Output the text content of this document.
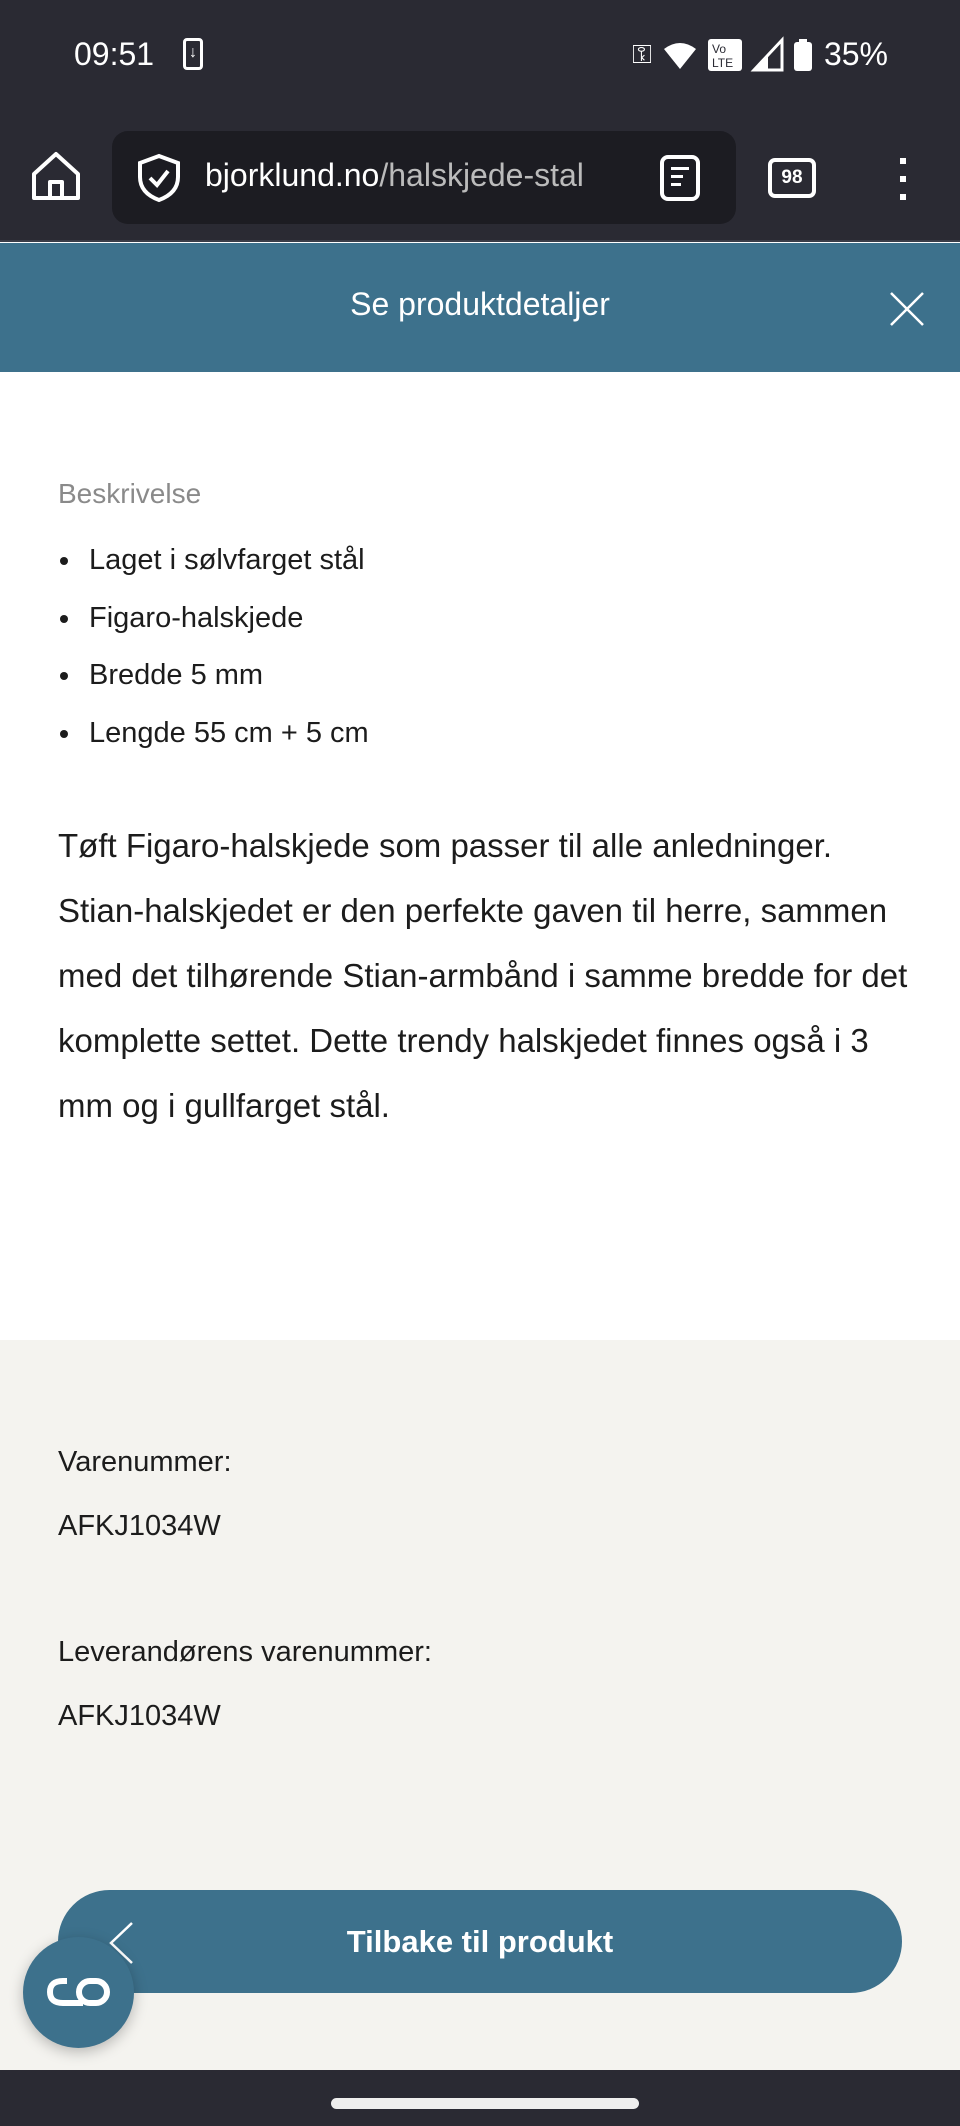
09:51	↓	⚿	Vo
LTE	35%
bjorklund.no/halskjede-stal	98
Se produktdetaljer
Beskrivelse
Laget i sølvfarget stål
Figaro-halskjede
Bredde 5 mm
Lengde 55 cm + 5 cm

Tøft Figaro-halskjede som passer til alle anledninger. Stian-halskjedet er den perfekte gaven til herre, sammen med det tilhørende Stian-armbånd i samme bredde for det komplette settet. Dette trendy halskjedet finnes også i 3 mm og i gullfarget stål.

Varenummer:
AFKJ1034W
Leverandørens varenummer:
AFKJ1034W
Tilbake til produkt
